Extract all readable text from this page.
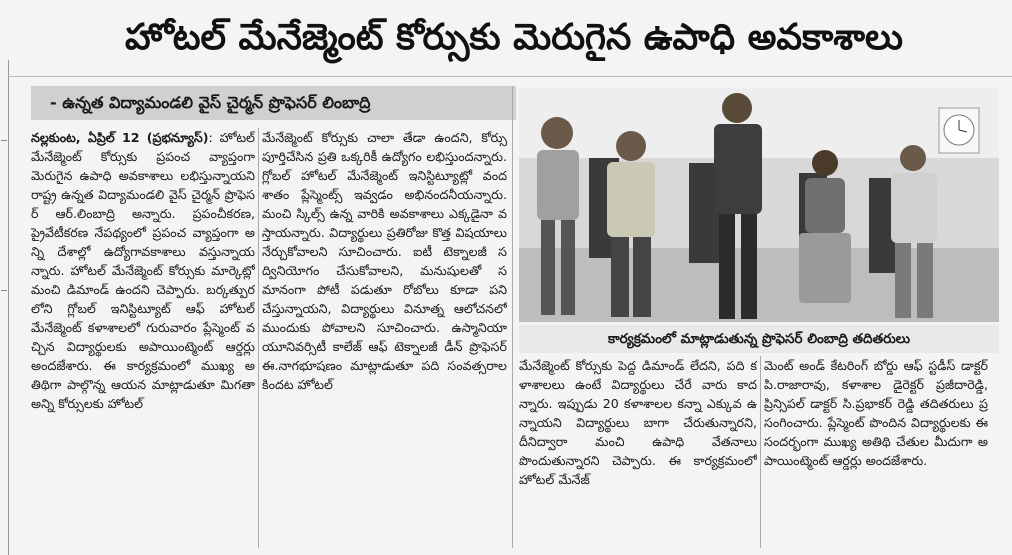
హోటల్ మేనేజ్మెంట్ కోర్సుకు మెరుగైన ఉపాధి అవకాశాలు
- ఉన్నత విద్యామండలి వైస్ చైర్మన్ ప్రొఫెసర్ లింబాద్రి

నల్లకుంట, ఏప్రిల్ 12 (ప్రభన్యూస్): హోటల్ మేనేజ్మెంట్ కోర్సుకు ప్రపంచ వ్యాప్తంగా మెరుగైన ఉపాధి అవకాశాలు లభిస్తున్నాయని రాష్ట్ర ఉన్నత విద్యామండలి వైస్ చైర్మన్ ప్రొఫెసర్ ఆర్.లింబాద్రి అన్నారు. ప్రపంచీకరణ, ప్రైవేటీకరణ నేపథ్యంలో ప్రపంచ వ్యాప్తంగా అన్ని దేశాల్లో ఉద్యోగావకాశాలు వస్తున్నాయన్నారు. హోటల్ మేనేజ్మెంట్ కోర్సుకు మార్కెట్లో మంచి డిమాండ్ ఉందని చెప్పారు. బర్కత్పురలోని గ్లోబల్ ఇనిస్టిట్యూట్ ఆఫ్ హోటల్ మేనేజ్మెంట్ కళాశాలలో గురువారం ప్లేస్మెంట్ వచ్చిన విద్యార్థులకు అపాయింట్మెంట్ ఆర్డర్లు అందజేశారు. ఈ కార్యక్రమంలో ముఖ్య అతిథిగా పాల్గొన్న ఆయన మాట్లాడుతూ మిగతా అన్ని కోర్సులకు హోటల్

మేనేజ్మెంట్ కోర్సుకు చాలా తేడా ఉందని, కోర్సు పూర్తిచేసిన ప్రతి ఒక్కరికీ ఉద్యోగం లభిస్తుందన్నారు. గ్లోబల్ హోటల్ మేనేజ్మెంట్ ఇనిస్టిట్యూట్లో వందశాతం ప్లేస్మెంట్స్ ఇవ్వడం అభినందనీయన్నారు. మంచి స్కిల్స్ ఉన్న వారికి అవకాశాలు ఎక్కడైనా వస్తాయన్నారు. విద్యార్థులు ప్రతిరోజు కొత్త విషయాలు నేర్చుకోవాలని సూచించారు. ఐటీ టెక్నాలజీ సద్వినియోగం చేసుకోవాలని, మనుషులతో సమానంగా పోటీ పడుతూ రోబోలు కూడా పని చేస్తున్నాయని, విద్యార్థులు వినూత్న ఆలోచనలో ముందుకు పోవాలని సూచించారు. ఉస్మానియా యూనివర్సిటీ కాలేజ్ ఆఫ్ టెక్నాలజీ డీన్ ప్రొఫెసర్ ఈ.నాగభూషణం మాట్లాడుతూ పది సంవత్సరాల కిందట హోటల్

కార్యక్రమంలో మాట్లాడుతున్న ప్రొఫెసర్ లింబాద్రి తదితరులు

మేనేజ్మెంట్ కోర్సుకు పెద్ద డిమాండ్ లేదని, పది కళాశాలలు ఉంటే విద్యార్థులు చేరే వారు కాదన్నారు. ఇప్పుడు 20 కళాశాలల కన్నా ఎక్కువ ఉన్నాయని విద్యార్థులు బాగా చేరుతున్నారని, దీనిద్వారా మంచి ఉపాధి వేతనాలు పొందుతున్నారని చెప్పారు. ఈ కార్యక్రమంలో హోటల్ మేనేజ్

మెంట్ అండ్ కేటరింగ్ బోర్డు ఆఫ్ స్టడీస్ డాక్టర్ పి.రాజారావు, కళాశాల డైరెక్టర్ ప్రజీదారెడ్డి, ప్రిన్సిపల్ డాక్టర్ సి.ప్రభాకర్ రెడ్డి తదితరులు ప్రసంగించారు. ప్లేస్మెంట్ పొందిన విద్యార్థులకు ఈ సందర్భంగా ముఖ్య అతిథి చేతుల మీదుగా అపాయింట్మెంట్ ఆర్డర్లు అందజేశారు.
